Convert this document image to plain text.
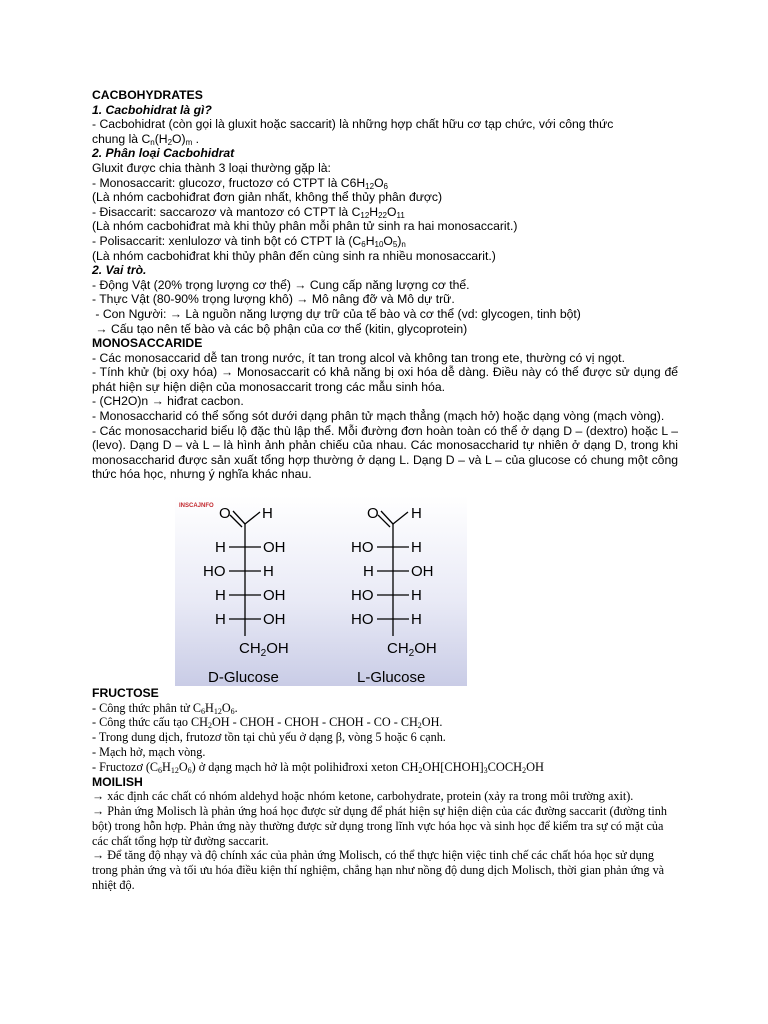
CACBOHYDRATES

1. Cacbohidrat là gì?

- Cacbohidrat (còn gọi là gluxit hoặc saccarit) là những hợp chất hữu cơ tạp chức, với công thức

chung là $C_n(H_2O)_m$ .

2. Phân loại Cacbohidrat

Gluxit được chia thành 3 loại thường gặp là:

- Monosaccarit: glucozơ, fructozơ có CTPT là $C6H_{12}O_6$

(Là nhóm cacbohiđrat đơn giản nhất, không thể thủy phân được)

- Đisaccarit: saccarozơ và mantozơ có CTPT là $C_{12}H_{22}O_{11}$

(Là nhóm cacbohiđrat mà khi thủy phân mỗi phân tử sinh ra hai monosaccarit.)

- Polisaccarit: xenlulozơ và tinh bột có CTPT là $(C_6H_{10}O_5)_n$

(Là nhóm cacbohiđrat khi thủy phân đến cùng sinh ra nhiều monosaccarit.)

2. Vai trò.

- Động Vật (20% trọng lượng cơ thể) → Cung cấp năng lượng cơ thể.

- Thực Vật (80-90% trọng lượng khô) → Mô nâng đỡ và Mô dự trữ.

- Con Người: → Là nguồn năng lượng dự trữ của tế bào và cơ thể (vd: glycogen, tinh bột)

→ Cấu tạo nên tế bào và các bộ phận của cơ thể (kitin, glycoprotein)

MONOSACCARIDE

- Các monosaccarid dễ tan trong nước, ít tan trong alcol và không tan trong ete, thường có vị ngọt.

- Tính khử (bị oxy hóa) → Monosaccarit có khả năng bị oxi hóa dễ dàng. Điều này có thể được sử dụng để phát hiện sự hiện diện của monosaccarit trong các mẫu sinh hóa.

- (CH2O)n → hiđrat cacbon.

- Monosaccharid có thể sống sót dưới dạng phân tử mạch thẳng (mạch hở) hoặc dạng vòng (mạch vòng).

- Các monosaccharid biểu lộ đặc thù lập thể. Mỗi đường đơn hoàn toàn có thể ở dạng D – (dextro) hoặc L – (levo). Dạng D – và L – là hình ảnh phản chiếu của nhau. Các monosaccharid tự nhiên ở dạng D, trong khi monosaccharid được sản xuất tổng hợp thường ở dạng L. Dạng D – và L – của glucose có chung một công thức hóa học, nhưng ý nghĩa khác nhau.

INSCAJNFO O H
H OH
HO	H
H OH
H OH
$CH_2OH$
D-Glucose
O H
HO	H
H OH
HO	H
HO	H
$CH_2OH$
L-Glucose

FRUCTOSE

- Công thức phân tử $C_6H_{12}O_6$.

- Công thức cấu tạo $CH_2OH$ - CHOH - CHOH - CHOH - CO - $CH_2OH$.

- Trong dung dịch, frutozơ tồn tại chủ yếu ở dạng β, vòng 5 hoặc 6 cạnh.

- Mạch hở, mạch vòng.

- Fructozơ $(C_6H_{12}O_6)$ ở dạng mạch hở là một polihiđroxi xeton $CH_2OH[CHOH]_3COCH_2OH$

MOILISH

→ xác định các chất có nhóm aldehyd hoặc nhóm ketone, carbohydrate, protein (xảy ra trong môi trường axit).

→ Phản ứng Molisch là phản ứng hoá học được sử dụng để phát hiện sự hiện diện của các đường saccarit (đường tinh bột) trong hỗn hợp. Phản ứng này thường được sử dụng trong lĩnh vực hóa học và sinh học để kiểm tra sự có mặt của các chất tổng hợp từ đường saccarit.

→ Để tăng độ nhạy và độ chính xác của phản ứng Molisch, có thể thực hiện việc tinh chế các chất hóa học sử dụng trong phản ứng và tối ưu hóa điều kiện thí nghiệm, chẳng hạn như nồng độ dung dịch Molisch, thời gian phản ứng và nhiệt độ.
